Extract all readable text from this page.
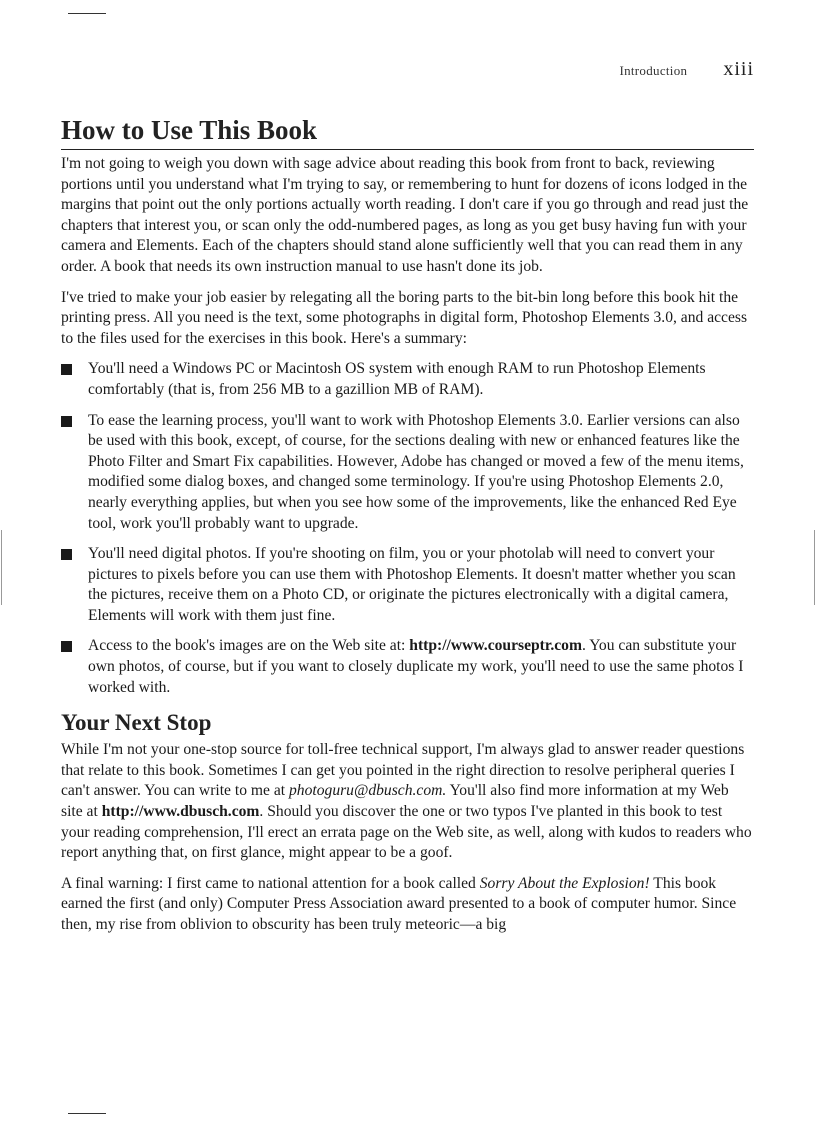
Introduction xiii
How to Use This Book

I'm not going to weigh you down with sage advice about reading this book from front to back, reviewing portions until you understand what I'm trying to say, or remembering to hunt for dozens of icons lodged in the margins that point out the only portions actually worth reading. I don't care if you go through and read just the chapters that interest you, or scan only the odd-numbered pages, as long as you get busy having fun with your camera and Elements. Each of the chapters should stand alone sufficiently well that you can read them in any order. A book that needs its own instruction manual to use hasn't done its job.

I've tried to make your job easier by relegating all the boring parts to the bit-bin long before this book hit the printing press. All you need is the text, some photographs in digital form, Photoshop Elements 3.0, and access to the files used for the exercises in this book. Here's a summary:

You'll need a Windows PC or Macintosh OS system with enough RAM to run Photoshop Elements comfortably (that is, from 256 MB to a gazillion MB of RAM).
To ease the learning process, you'll want to work with Photoshop Elements 3.0. Earlier versions can also be used with this book, except, of course, for the sections dealing with new or enhanced features like the Photo Filter and Smart Fix capabilities. However, Adobe has changed or moved a few of the menu items, modified some dialog boxes, and changed some terminology. If you're using Photoshop Elements 2.0, nearly everything applies, but when you see how some of the improvements, like the enhanced Red Eye tool, work you'll probably want to upgrade.
You'll need digital photos. If you're shooting on film, you or your photolab will need to convert your pictures to pixels before you can use them with Photoshop Elements. It doesn't matter whether you scan the pictures, receive them on a Photo CD, or originate the pictures electronically with a digital camera, Elements will work with them just fine.
Access to the book's images are on the Web site at: http://www.courseptr.com. You can substitute your own photos, of course, but if you want to closely duplicate my work, you'll need to use the same photos I worked with.
Your Next Stop

While I'm not your one-stop source for toll-free technical support, I'm always glad to answer reader questions that relate to this book. Sometimes I can get you pointed in the right direction to resolve peripheral queries I can't answer. You can write to me at photoguru@dbusch.com. You'll also find more information at my Web site at http://www.dbusch.com. Should you discover the one or two typos I've planted in this book to test your reading comprehension, I'll erect an errata page on the Web site, as well, along with kudos to readers who report anything that, on first glance, might appear to be a goof.

A final warning: I first came to national attention for a book called Sorry About the Explosion! This book earned the first (and only) Computer Press Association award presented to a book of computer humor. Since then, my rise from oblivion to obscurity has been truly meteoric—a big
